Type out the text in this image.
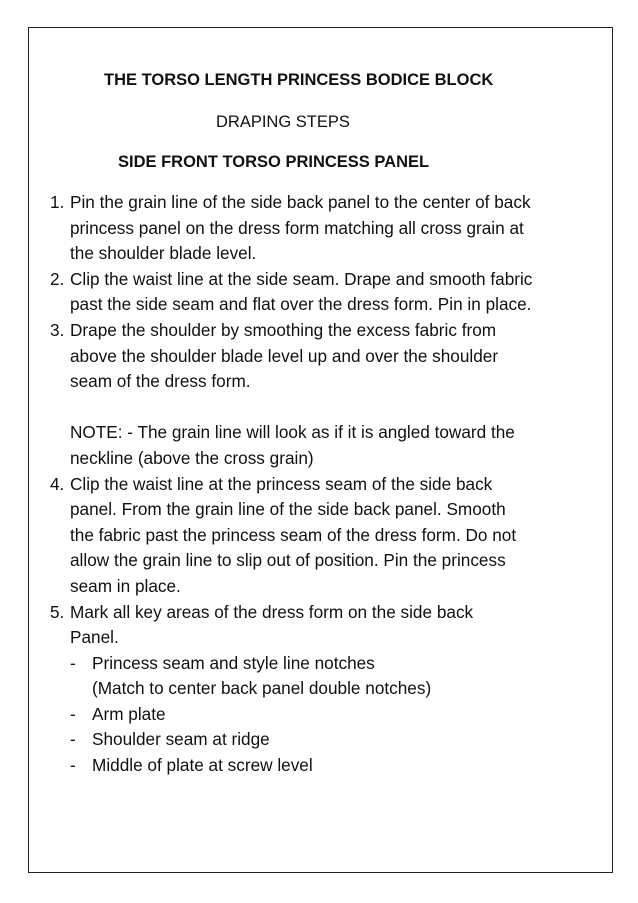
THE TORSO LENGTH PRINCESS BODICE BLOCK
DRAPING STEPS
SIDE FRONT TORSO PRINCESS PANEL
1. Pin the grain line of the side back panel to the center of back
princess panel on the dress form matching all cross grain at
the shoulder blade level.
2. Clip the waist line at the side seam. Drape and smooth fabric
past the side seam and flat over the dress form. Pin in place.
3. Drape the shoulder by smoothing the excess fabric from
above the shoulder blade level up and over the shoulder
seam of the dress form.
NOTE: - The grain line will look as if it is angled toward the
neckline (above the cross grain)
4. Clip the waist line at the princess seam of the side back
panel. From the grain line of the side back panel. Smooth
the fabric past the princess seam of the dress form. Do not
allow the grain line to slip out of position. Pin the princess
seam in place.
5. Mark all key areas of the dress form on the side back
Panel.
- Princess seam and style line notches
(Match to center back panel double notches)
- Arm plate
- Shoulder seam at ridge
- Middle of plate at screw level
